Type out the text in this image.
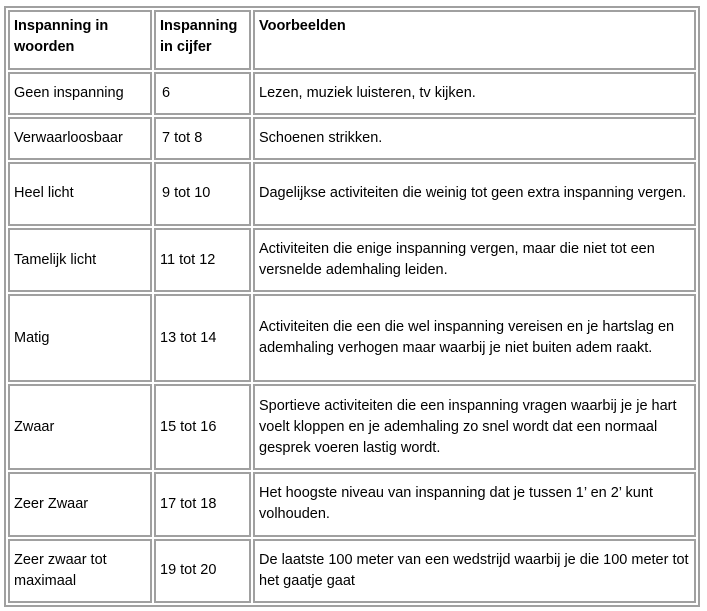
Inspanning in woorden	Inspanning in cijfer	Voorbeelden
Geen inspanning	6	Lezen, muziek luisteren, tv kijken.
Verwaarloosbaar	7 tot 8	Schoenen strikken.
Heel licht	9 tot 10	Dagelijkse activiteiten die weinig tot geen extra inspanning vergen.
Tamelijk licht	11 tot 12	Activiteiten die enige inspanning vergen, maar die niet tot een versnelde ademhaling leiden.
Matig	13 tot 14	Activiteiten die een die wel inspanning vereisen en je hartslag en ademhaling verhogen maar waarbij je niet buiten adem raakt.
Zwaar	15 tot 16	Sportieve activiteiten die een inspanning vragen waarbij je je hart voelt kloppen en je ademhaling zo snel wordt dat een normaal gesprek voeren lastig wordt.
Zeer Zwaar	17 tot 18	Het hoogste niveau van inspanning dat je tussen 1’ en 2’ kunt volhouden.
Zeer zwaar tot maximaal	19 tot 20	De laatste 100 meter van een wedstrijd waarbij je die 100 meter tot het gaatje gaat
